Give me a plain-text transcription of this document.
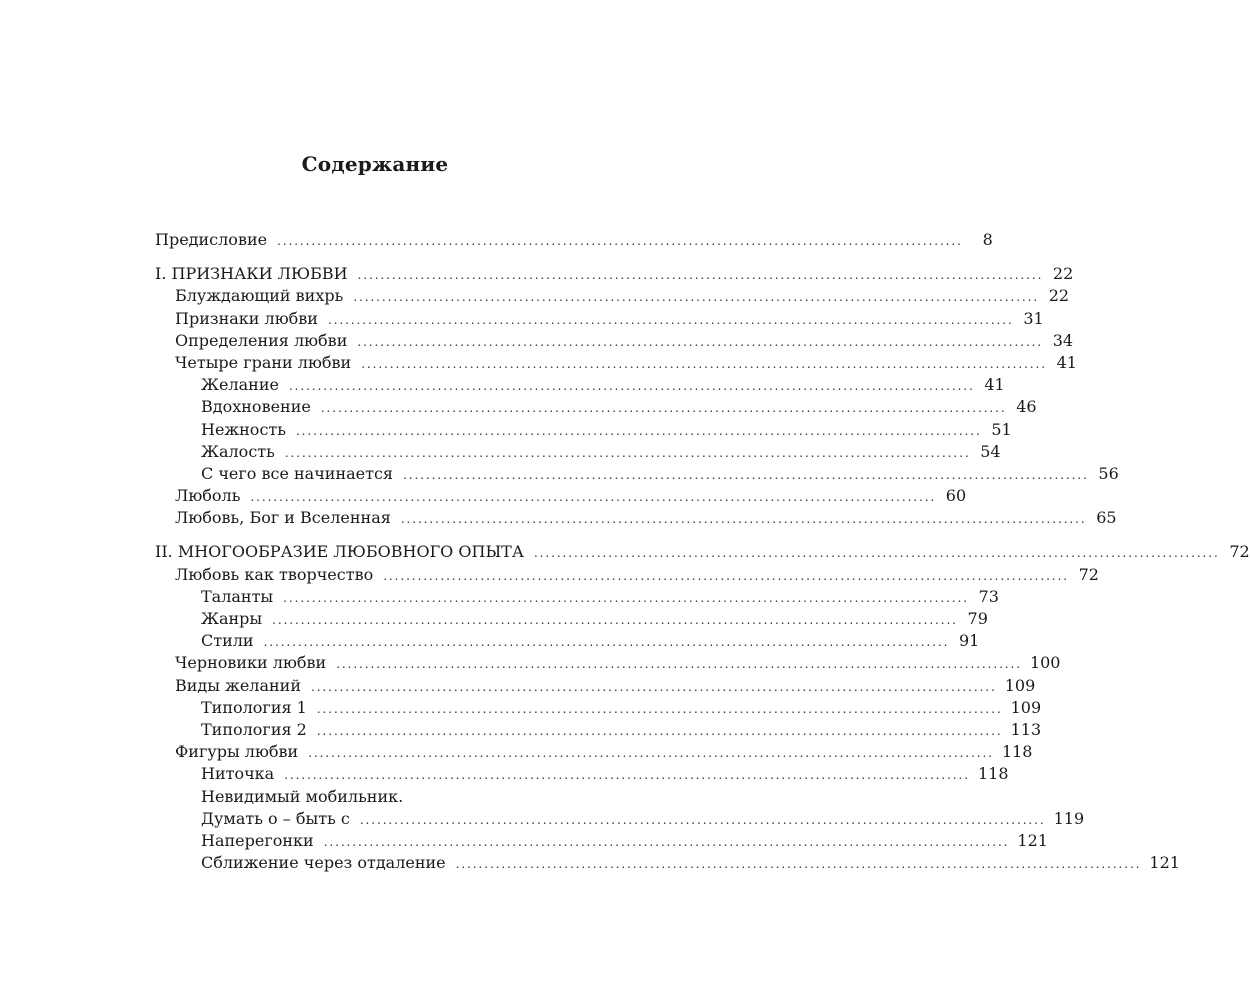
Содержание
Предисловие ........................................................................................................................	8
I. ПРИЗНАКИ ЛЮБВИ ........................................................................................................................ 22
Блуждающий вихрь ........................................................................................................................ 22
Признаки любви ........................................................................................................................ 31
Определения любви ........................................................................................................................ 34
Четыре грани любви ........................................................................................................................ 41
Желание ........................................................................................................................ 41
Вдохновение ........................................................................................................................ 46
Нежность ........................................................................................................................ 51
Жалость ........................................................................................................................ 54
С чего все начинается ........................................................................................................................ 56
Люболь ........................................................................................................................ 60
Любовь, Бог и Вселенная ........................................................................................................................ 65
II. МНОГООБРАЗИЕ ЛЮБОВНОГО ОПЫТА ........................................................................................................................ 72
Любовь как творчество ........................................................................................................................ 72
Таланты ........................................................................................................................ 73
Жанры ........................................................................................................................ 79
Стили ........................................................................................................................ 91
Черновики любви ........................................................................................................................ 100
Виды желаний ........................................................................................................................ 109
Типология 1 ........................................................................................................................ 109
Типология 2 ........................................................................................................................ 113
Фигуры любви ........................................................................................................................ 118
Ниточка ........................................................................................................................ 118
Невидимый мобильник.
Думать о – быть с ........................................................................................................................ 119
Наперегонки ........................................................................................................................ 121
Сближение через отдаление ........................................................................................................................ 121
